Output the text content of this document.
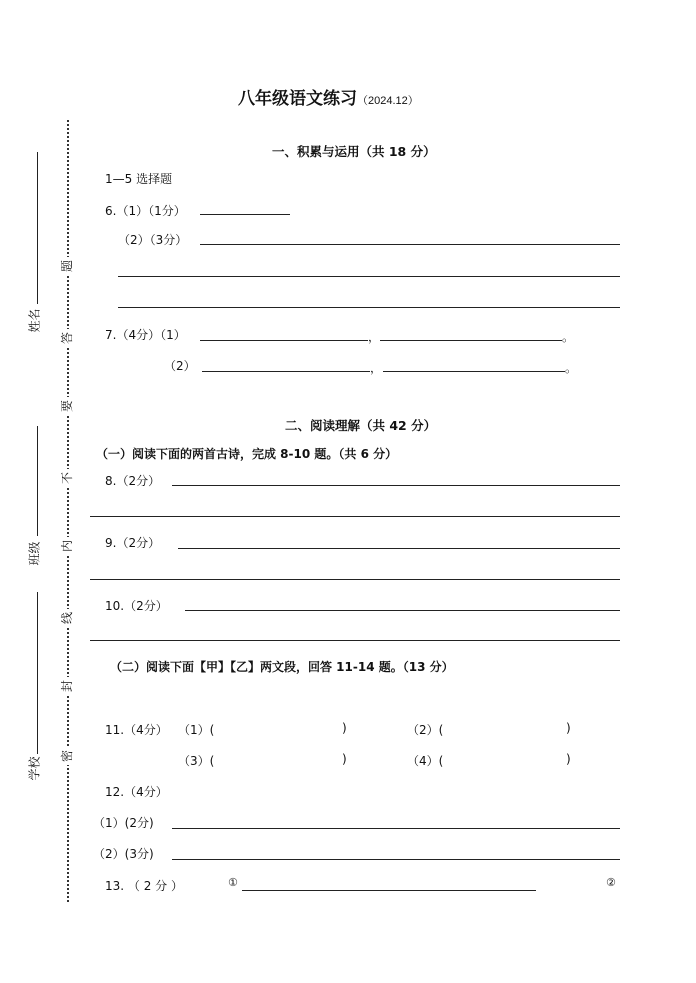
八年级语文练习（2024.12）
题
答
要
不
内
线
封
密
姓名
班级
学校
一、积累与运用（共 18 分）
1—5 选择题
6.（1）（1分）
（2）（3分）
7.（4分）（1）	，	。
（2）	，	。
二、阅读理解（共 42 分）
（一）阅读下面的两首古诗，完成 8-10 题。（共 6 分）
8.（2分）
9.（2分）
10.（2分）
（二）阅读下面【甲】【乙】两文段，回答 11-14 题。（13 分）
11.（4分） （1）(	)	（2）(	)
（3）(	)	（4）(	)
12.（4分）
（1）(2分)
（2）(3分)
13. （ 2 分 ）	①	②
